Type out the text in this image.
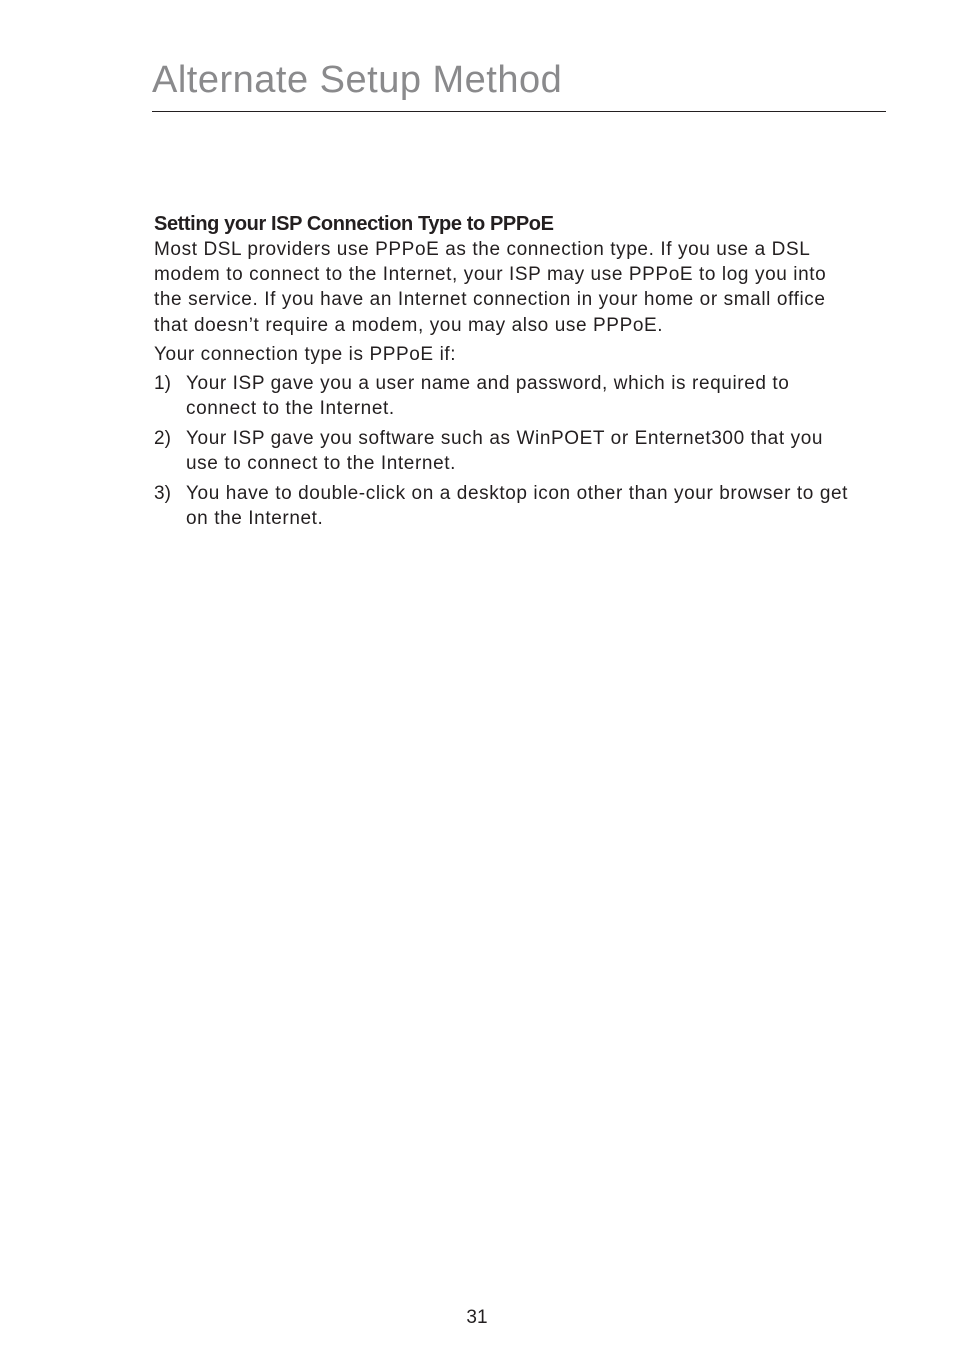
Alternate Setup Method
Setting your ISP Connection Type to PPPoE

Most DSL providers use PPPoE as the connection type. If you use a DSL modem to connect to the Internet, your ISP may use PPPoE to log you into the service. If you have an Internet connection in your home or small office that doesn’t require a modem, you may also use PPPoE.

Your connection type is PPPoE if:

1) Your ISP gave you a user name and password, which is required to connect to the Internet.
2) Your ISP gave you software such as WinPOET or Enternet300 that you use to connect to the Internet.
3) You have to double-click on a desktop icon other than your browser to get on the Internet.
31
